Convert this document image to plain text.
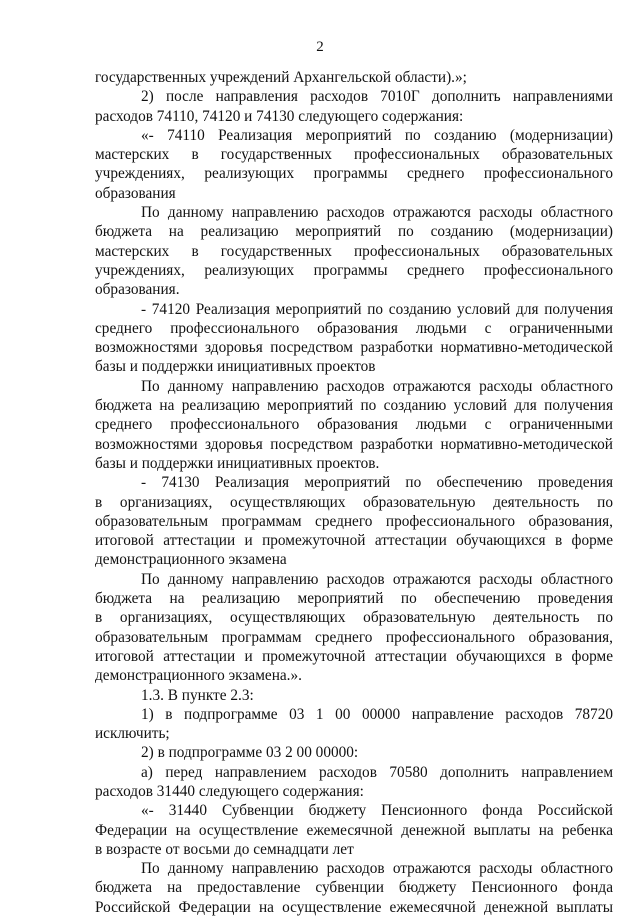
2
государственных учреждений Архангельской области).»;
2) после направления расходов 7010Г дополнить направлениями
расходов 74110, 74120 и 74130 следующего содержания:
«- 74110 Реализация мероприятий по созданию (модернизации)
мастерских в государственных профессиональных образовательных
учреждениях, реализующих программы среднего профессионального
образования
По данному направлению расходов отражаются расходы областного
бюджета на реализацию мероприятий по созданию (модернизации)
мастерских в государственных профессиональных образовательных
учреждениях, реализующих программы среднего профессионального
образования.
- 74120 Реализация мероприятий по созданию условий для получения
среднего профессионального образования людьми с ограниченными
возможностями здоровья посредством разработки нормативно-методической
базы и поддержки инициативных проектов
По данному направлению расходов отражаются расходы областного
бюджета на реализацию мероприятий по созданию условий для получения
среднего профессионального образования людьми с ограниченными
возможностями здоровья посредством разработки нормативно-методической
базы и поддержки инициативных проектов.
- 74130 Реализация мероприятий по обеспечению проведения
в организациях, осуществляющих образовательную деятельность по
образовательным программам среднего профессионального образования,
итоговой аттестации и промежуточной аттестации обучающихся в форме
демонстрационного экзамена
По данному направлению расходов отражаются расходы областного
бюджета на реализацию мероприятий по обеспечению проведения
в организациях, осуществляющих образовательную деятельность по
образовательным программам среднего профессионального образования,
итоговой аттестации и промежуточной аттестации обучающихся в форме
демонстрационного экзамена.».
1.3. В пункте 2.3:
1) в подпрограмме 03 1 00 00000 направление расходов 78720
исключить;
2) в подпрограмме 03 2 00 00000:
а) перед направлением расходов 70580 дополнить направлением
расходов 31440 следующего содержания:
«- 31440 Субвенции бюджету Пенсионного фонда Российской
Федерации на осуществление ежемесячной денежной выплаты на ребенка
в возрасте от восьми до семнадцати лет
По данному направлению расходов отражаются расходы областного
бюджета на предоставление субвенции бюджету Пенсионного фонда
Российской Федерации на осуществление ежемесячной денежной выплаты
